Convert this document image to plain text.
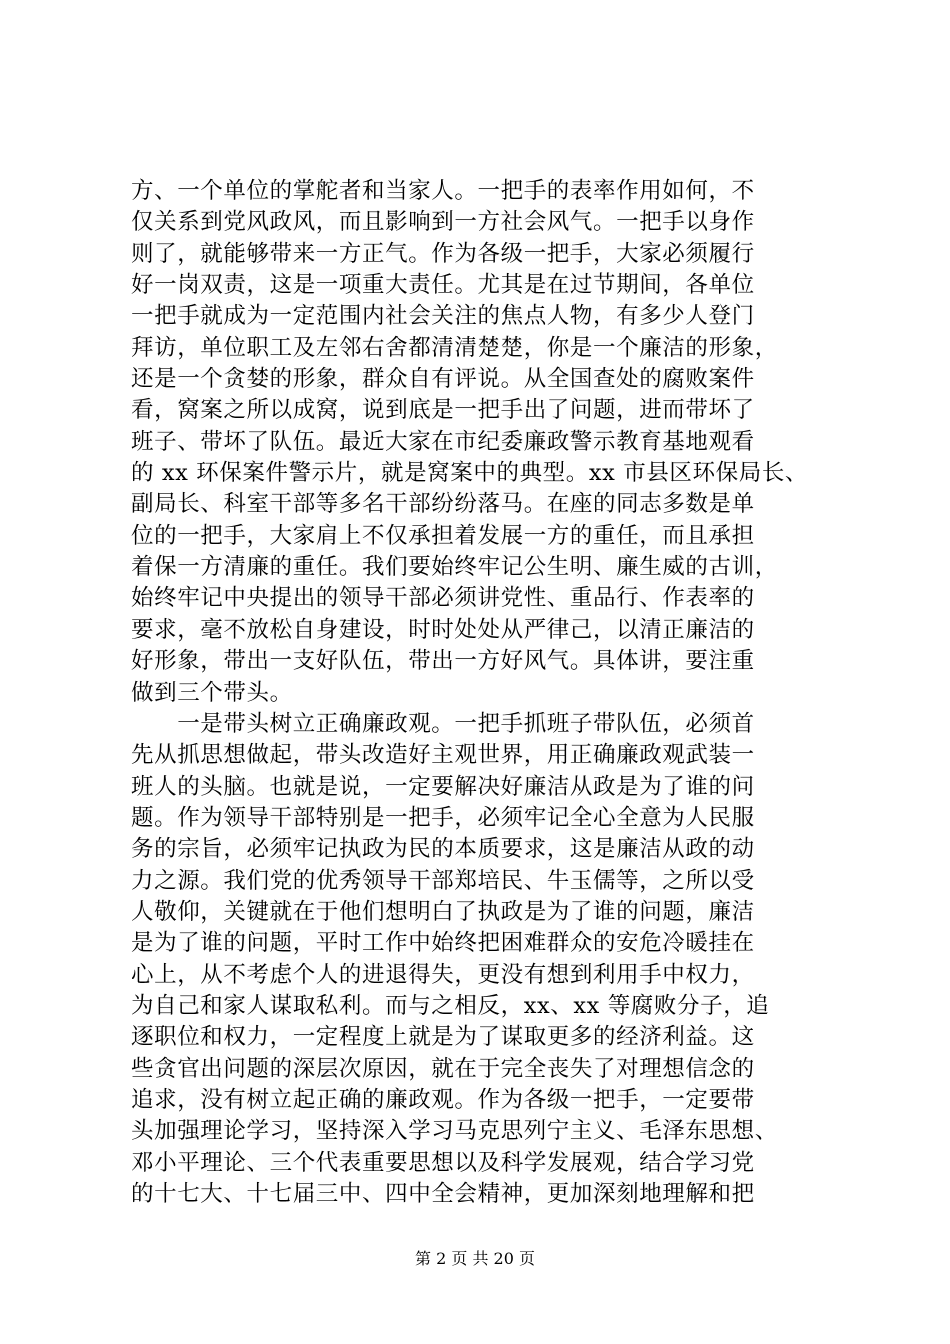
方、一个单位的掌舵者和当家人。一把手的表率作用如何，不
仅关系到党风政风，而且影响到一方社会风气。一把手以身作
则了，就能够带来一方正气。作为各级一把手，大家必须履行
好一岗双责，这是一项重大责任。尤其是在过节期间，各单位
一把手就成为一定范围内社会关注的焦点人物，有多少人登门
拜访，单位职工及左邻右舍都清清楚楚，你是一个廉洁的形象，
还是一个贪婪的形象，群众自有评说。从全国查处的腐败案件
看，窝案之所以成窝，说到底是一把手出了问题，进而带坏了
班子、带坏了队伍。最近大家在市纪委廉政警示教育基地观看
的 xx 环保案件警示片，就是窝案中的典型。xx 市县区环保局长、
副局长、科室干部等多名干部纷纷落马。在座的同志多数是单
位的一把手，大家肩上不仅承担着发展一方的重任，而且承担
着保一方清廉的重任。我们要始终牢记公生明、廉生威的古训，
始终牢记中央提出的领导干部必须讲党性、重品行、作表率的
要求，毫不放松自身建设，时时处处从严律己，以清正廉洁的
好形象，带出一支好队伍，带出一方好风气。具体讲，要注重
做到三个带头。
　　一是带头树立正确廉政观。一把手抓班子带队伍，必须首
先从抓思想做起，带头改造好主观世界，用正确廉政观武装一
班人的头脑。也就是说，一定要解决好廉洁从政是为了谁的问
题。作为领导干部特别是一把手，必须牢记全心全意为人民服
务的宗旨，必须牢记执政为民的本质要求，这是廉洁从政的动
力之源。我们党的优秀领导干部郑培民、牛玉儒等，之所以受
人敬仰，关键就在于他们想明白了执政是为了谁的问题，廉洁
是为了谁的问题，平时工作中始终把困难群众的安危冷暖挂在
心上，从不考虑个人的进退得失，更没有想到利用手中权力，
为自己和家人谋取私利。而与之相反，xx、xx 等腐败分子，追
逐职位和权力，一定程度上就是为了谋取更多的经济利益。这
些贪官出问题的深层次原因，就在于完全丧失了对理想信念的
追求，没有树立起正确的廉政观。作为各级一把手，一定要带
头加强理论学习，坚持深入学习马克思列宁主义、毛泽东思想、
邓小平理论、三个代表重要思想以及科学发展观，结合学习党
的十七大、十七届三中、四中全会精神，更加深刻地理解和把
第 2 页 共 20 页
